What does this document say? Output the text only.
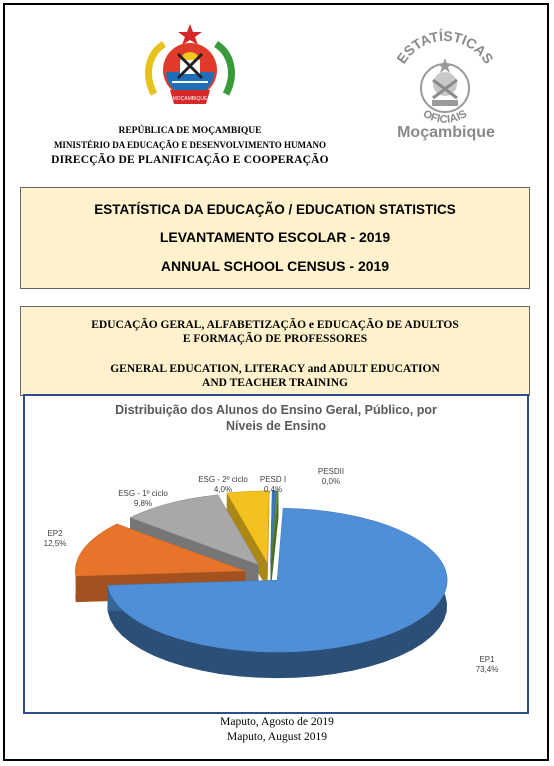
MOÇAMBIQUE
ESTATÍSTICAS
OFICIAIS
Moçambique
REPÚBLICA DE MOÇAMBIQUE
MINISTÉRIO DA EDUCAÇÃO E DESENVOLVIMENTO HUMANO
DIRECÇÃO DE PLANIFICAÇÃO E COOPERAÇÃO
ESTATÍSTICA DA EDUCAÇÃO / EDUCATION STATISTICS
LEVANTAMENTO ESCOLAR - 2019
ANNUAL SCHOOL CENSUS - 2019
EDUCAÇÃO GERAL, ALFABETIZAÇÃO e EDUCAÇÃO DE ADULTOS
E FORMAÇÃO DE PROFESSORES
GENERAL EDUCATION, LITERACY and ADULT EDUCATION
AND TEACHER TRAINING
Distribuição dos Alunos do Ensino Geral, Público, por
Níveis de Ensino
EP1
73,4%
EP2
12,5%
ESG - 1º ciclo
9,8%
ESG - 2º ciclo
4,0%
PESD I
0,4%
PESDII
0,0%
Maputo, Agosto de 2019
Maputo, August 2019
